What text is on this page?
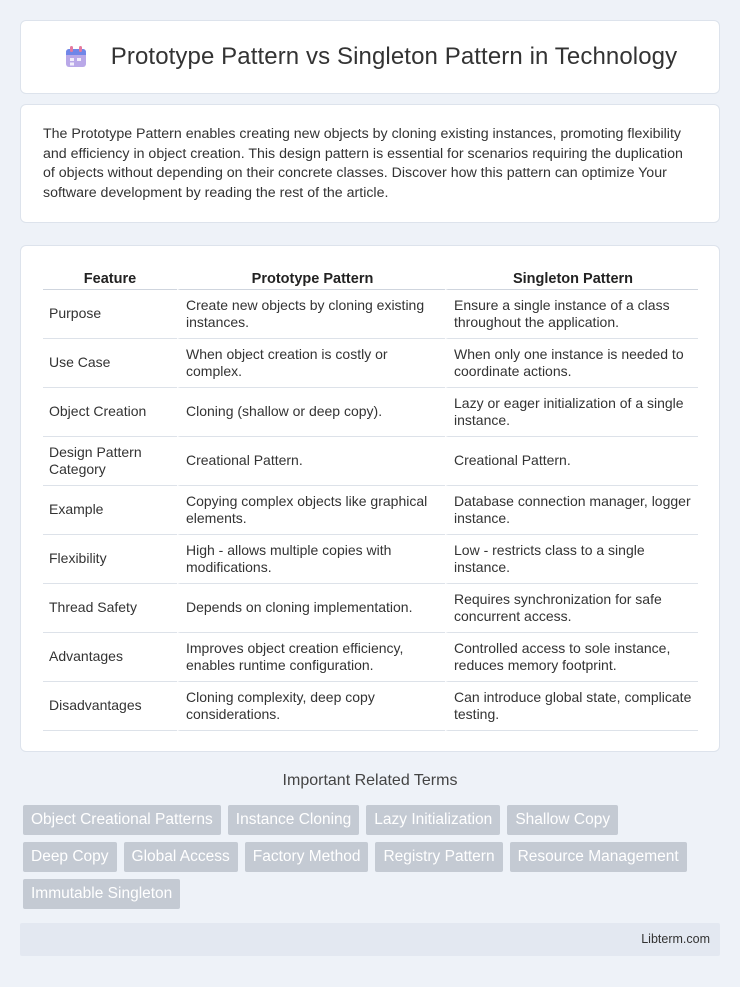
Prototype Pattern vs Singleton Pattern in Technology

The Prototype Pattern enables creating new objects by cloning existing instances, promoting flexibility and efficiency in object creation. This design pattern is essential for scenarios requiring the duplication of objects without depending on their concrete classes. Discover how this pattern can optimize Your software development by reading the rest of the article.

Feature	Prototype Pattern	Singleton Pattern
Purpose	Create new objects by cloning existing instances.	Ensure a single instance of a class throughout the application.
Use Case	When object creation is costly or complex.	When only one instance is needed to coordinate actions.
Object Creation	Cloning (shallow or deep copy).	Lazy or eager initialization of a single instance.
Design Pattern Category	Creational Pattern.	Creational Pattern.
Example	Copying complex objects like graphical elements.	Database connection manager, logger instance.
Flexibility	High - allows multiple copies with modifications.	Low - restricts class to a single instance.
Thread Safety	Depends on cloning implementation.	Requires synchronization for safe concurrent access.
Advantages	Improves object creation efficiency, enables runtime configuration.	Controlled access to sole instance, reduces memory footprint.
Disadvantages	Cloning complexity, deep copy considerations.	Can introduce global state, complicate testing.
Important Related Terms
Object Creational Patterns	Instance Cloning	Lazy Initialization	Shallow Copy
Deep Copy	Global Access	Factory Method	Registry Pattern	Resource Management
Immutable Singleton
Libterm.com
